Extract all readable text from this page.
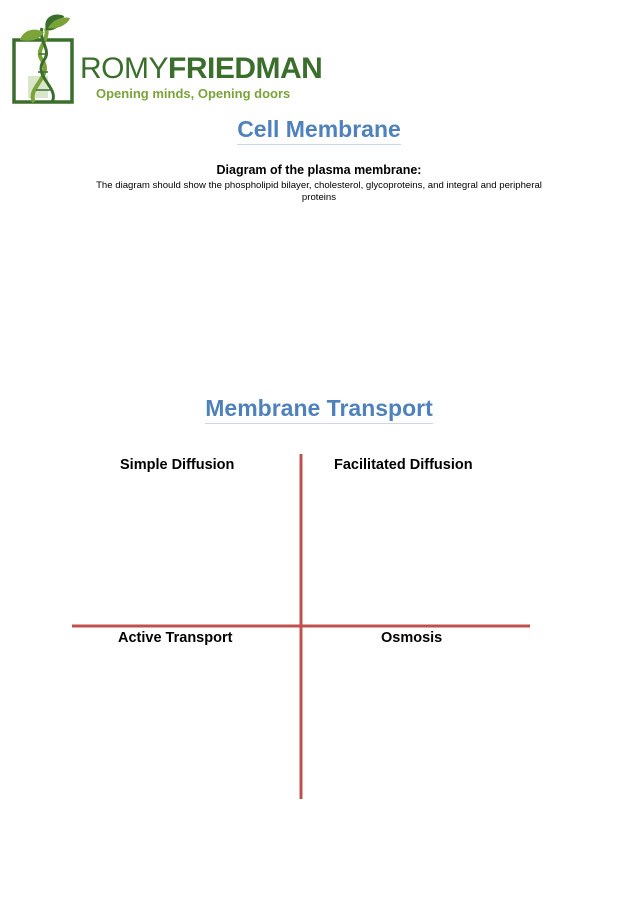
ROMYFRIEDMAN
Opening minds, Opening doors
Cell Membrane
Diagram of the plasma membrane:
The diagram should show the phospholipid bilayer, cholesterol, glycoproteins, and integral and peripheral proteins
Membrane Transport
Simple Diffusion	Facilitated Diffusion
Active Transport	Osmosis
